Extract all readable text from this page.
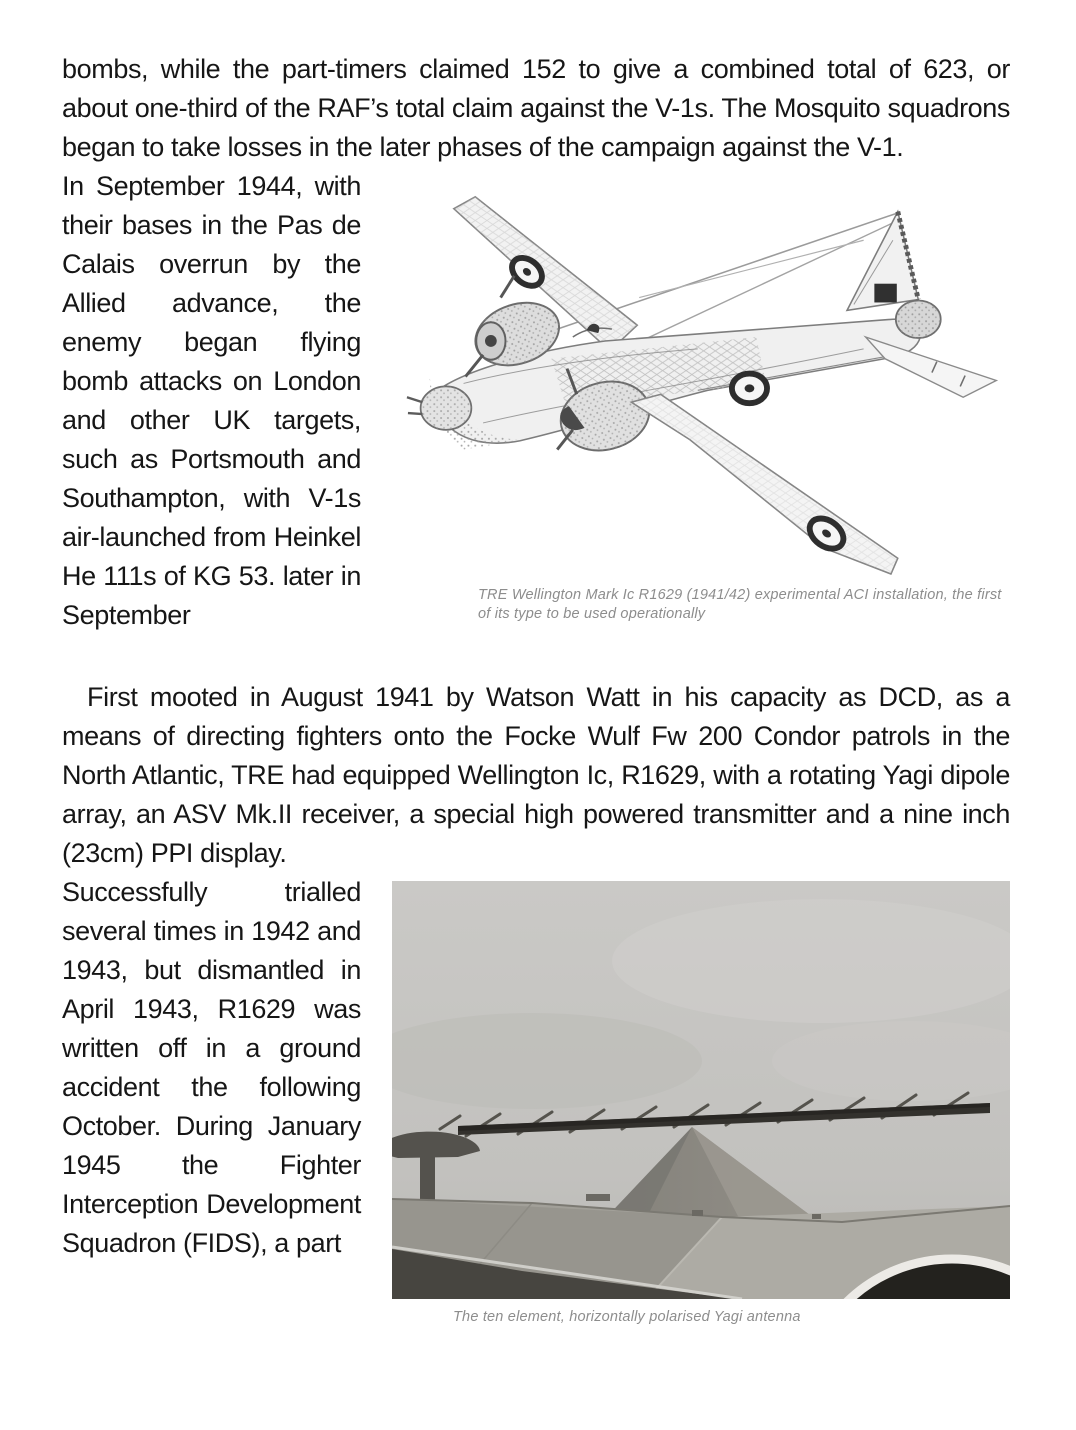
bombs, while the part-timers claimed 152 to give a combined total of 623, or about one-third of the RAF’s total claim against the V-1s. The Mosquito squadrons began to take losses in the later phases of the campaign against the V-1.

In September 1944, with their bases in the Pas de Calais overrun by the Allied advance, the enemy began flying bomb attacks on London and other UK targets, such as Portsmouth and Southampton, with V-1s air-launched from Heinkel He 111s of KG 53. later in September

TRE Wellington Mark Ic R1629 (1941/42) experimental ACI installation, the first of its type to be used operationally

First mooted in August 1941 by Watson Watt in his capacity as DCD, as a means of directing fighters onto the Focke Wulf Fw 200 Condor patrols in the North Atlantic, TRE had equipped Wellington Ic, R1629, with a rotating Yagi dipole array, an ASV Mk.II receiver, a special high powered transmitter and a nine inch (23cm) PPI display.

Successfully trialled several times in 1942 and 1943, but dismantled in April 1943, R1629 was written off in a ground accident the following October. During January 1945 the Fighter Interception Development Squadron (FIDS), a part

The ten element, horizontally polarised Yagi antenna
